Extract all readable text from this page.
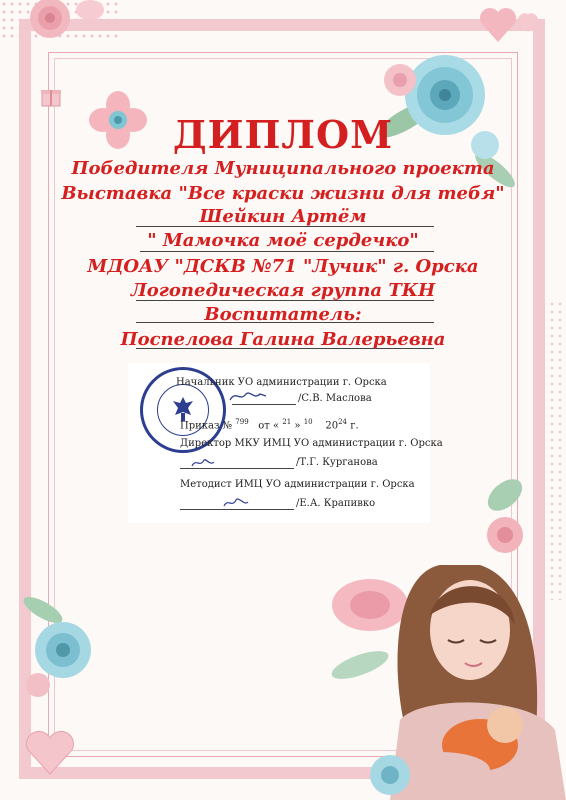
ДИПЛОМ
Победителя Муниципального проекта
Выставка "Все краски жизни для тебя"
Шейкин Артём
" Мамочка моё сердечко"
МДОАУ "ДСКВ №71 "Лучик" г. Орска
Логопедическая группа ТКН
Воспитатель:
Поспелова Галина Валерьевна
Начальник УО администрации г. Орска
/С.В. Маслова
Приказ № $^{799}$ от « $^{21}$ » $^{10}$ $20^{24}$ г.
Директор МКУ ИМЦ УО администрации г. Орска
/Т.Г. Курганова
Методист ИМЦ УО администрации г. Орска
/Е.А. Крапивко
